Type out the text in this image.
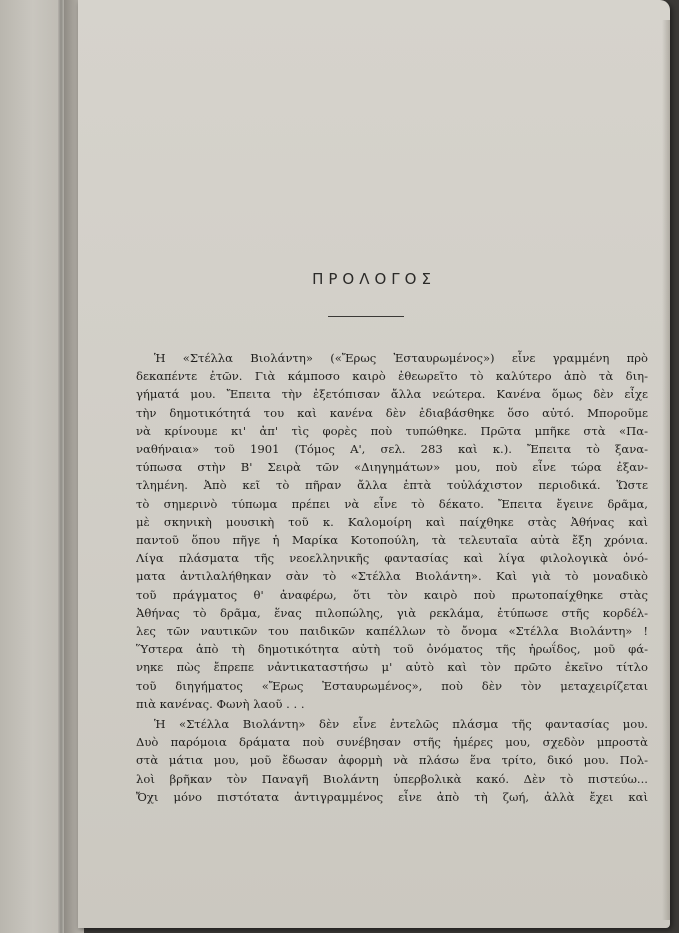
ΠΡΟΛΟΓΟΣ
Ἡ «Στέλλα Βιολάντη» («Ἔρως Ἐσταυρωμένος») εἶνε γραμμένη πρὸ
δεκαπέντε ἐτῶν. Γιὰ κάμποσο καιρὸ ἐθεωρεῖτο τὸ καλύτερο ἀπὸ τὰ διη-
γήματά μου. Ἔπειτα τὴν ἐξετόπισαν ἄλλα νεώτερα. Κανένα ὅμως δὲν εἶχε
τὴν δημοτικότητά του καὶ κανένα δὲν ἐδιαβάσθηκε ὅσο αὐτό. Μποροῦμε
νὰ κρίνουμε κι' ἀπ' τὶς φορὲς ποὺ τυπώθηκε. Πρῶτα μπῆκε στὰ «Πα-
ναθήναια» τοῦ 1901 (Τόμος Α', σελ. 283 καὶ κ.). Ἔπειτα τὸ ξανα-
τύπωσα στὴν Β' Σειρὰ τῶν «Διηγημάτων» μου, ποὺ εἶνε τώρα ἐξαν-
τλημένη. Ἀπὸ κεῖ τὸ πῆραν ἄλλα ἑπτὰ τοὐλάχιστον περιοδικά. Ὥστε
τὸ σημερινὸ τύπωμα πρέπει νὰ εἶνε τὸ δέκατο. Ἔπειτα ἔγεινε δρᾶμα,
μὲ σκηνικὴ μουσικὴ τοῦ κ. Καλομοίρη καὶ παίχθηκε στὰς Ἀθήνας καὶ
παντοῦ ὅπου πῆγε ἡ Μαρίκα Κοτοπούλη, τὰ τελευταῖα αὐτὰ ἔξη χρόνια.
Λίγα πλάσματα τῆς νεοελληνικῆς φαντασίας καὶ λίγα φιλολογικὰ ὀνό-
ματα ἀντιλαλήθηκαν σὰν τὸ «Στέλλα Βιολάντη». Καὶ γιὰ τὸ μοναδικὸ
τοῦ πράγματος θ' ἀναφέρω, ὅτι τὸν καιρὸ ποὺ πρωτοπαίχθηκε στὰς
Ἀθήνας τὸ δρᾶμα, ἕνας πιλοπώλης, γιὰ ρεκλάμα, ἐτύπωσε στῆς κορδέλ-
λες τῶν ναυτικῶν του παιδικῶν καπέλλων τὸ ὄνομα «Στέλλα Βιολάντη» !
Ὕστερα ἀπὸ τὴ δημοτικότητα αὐτὴ τοῦ ὀνόματος τῆς ἡρωΐδος, μοῦ φά-
νηκε πὼς ἔπρεπε νἀντικαταστήσω μ' αὐτὸ καὶ τὸν πρῶτο ἐκεῖνο τίτλο
τοῦ διηγήματος «Ἔρως Ἐσταυρωμένος», ποὺ δὲν τὸν μεταχειρίζεται
πιὰ κανένας. Φωνὴ λαοῦ . . .
Ἡ «Στέλλα Βιολάντη» δὲν εἶνε ἐντελῶς πλάσμα τῆς φαντασίας μου.
Δυὸ παρόμοια δράματα ποὺ συνέβησαν στῆς ἡμέρες μου, σχεδὸν μπροστὰ
στὰ μάτια μου, μοῦ ἔδωσαν ἀφορμὴ νὰ πλάσω ἕνα τρίτο, δικό μου. Πολ-
λοὶ βρῆκαν τὸν Παναγῆ Βιολάντη ὑπερβολικὰ κακό. Δὲν τὸ πιστεύω...
Ὄχι μόνο πιστότατα ἀντιγραμμένος εἶνε ἀπὸ τὴ ζωή, ἀλλὰ ἔχει καὶ
